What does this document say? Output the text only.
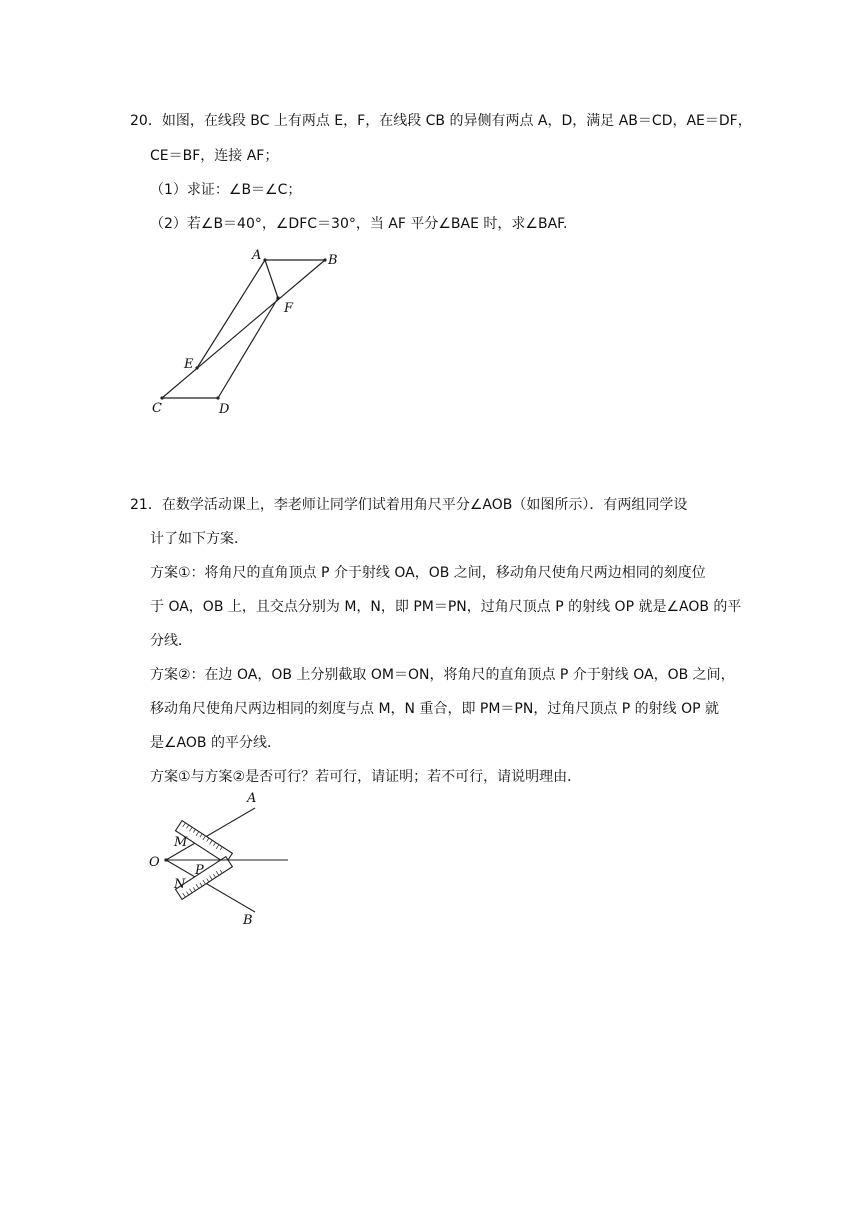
20．如图，在线段 BC 上有两点 E，F，在线段 CB 的异侧有两点 A，D，满足 AB＝CD，AE＝DF，
CE＝BF，连接 AF；
（1）求证：∠B＝∠C；
（2）若∠B＝40°，∠DFC＝30°，当 AF 平分∠BAE 时，求∠BAF.
A	B
F
E
C	D
21．在数学活动课上，李老师让同学们试着用角尺平分∠AOB（如图所示）．有两组同学设
计了如下方案．
方案①：将角尺的直角顶点 P 介于射线 OA，OB 之间，移动角尺使角尺两边相同的刻度位
于 OA，OB 上，且交点分别为 M，N，即 PM＝PN，过角尺顶点 P 的射线 OP 就是∠AOB 的平
分线．
方案②：在边 OA，OB 上分别截取 OM＝ON，将角尺的直角顶点 P 介于射线 OA，OB 之间，
移动角尺使角尺两边相同的刻度与点 M，N 重合，即 PM＝PN，过角尺顶点 P 的射线 OP 就
是∠AOB 的平分线．
方案①与方案②是否可行？若可行，请证明；若不可行，请说明理由．
A
M
O
P
N
B
